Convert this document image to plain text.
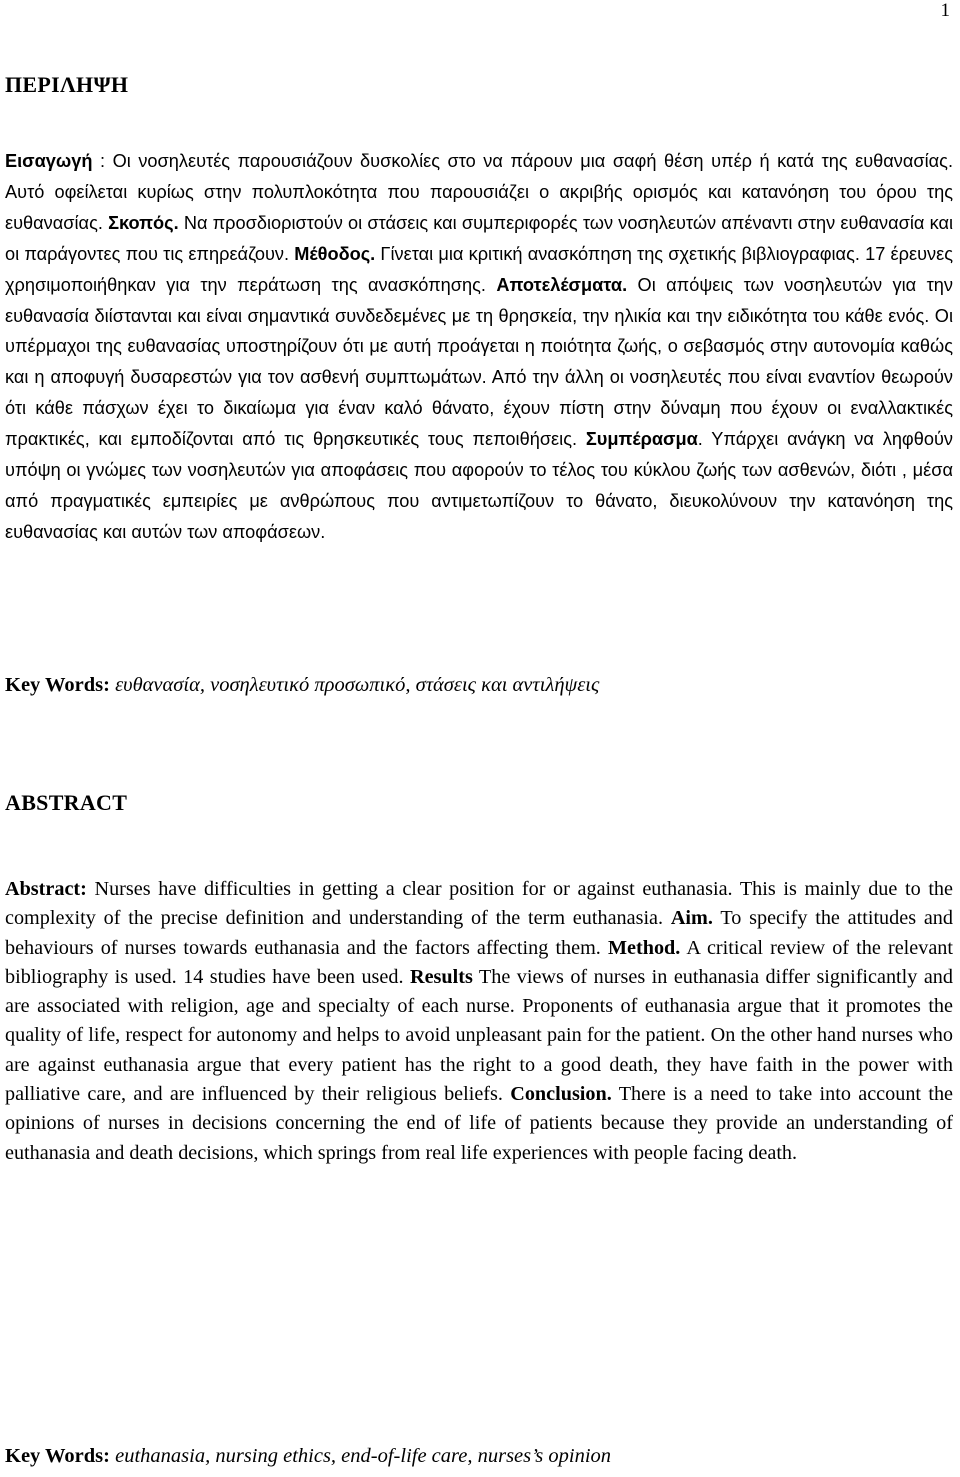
1
ΠΕΡΙΛΗΨΗ

Εισαγωγή : Οι νοσηλευτές παρουσιάζουν δυσκολίες στο να πάρουν μια σαφή θέση υπέρ ή κατά της ευθανασίας. Αυτό οφείλεται κυρίως στην πολυπλοκότητα που παρουσιάζει ο ακριβής ορισμός και κατανόηση του όρου της ευθανασίας. Σκοπός. Να προσδιοριστούν οι στάσεις και συμπεριφορές των νοσηλευτών απέναντι στην ευθανασία και οι παράγοντες που τις επηρεάζουν. Μέθοδος. Γίνεται μια κριτική ανασκόπηση της σχετικής βιβλιογραφιας. 17 έρευνες χρησιμοποιήθηκαν για την περάτωση της ανασκόπησης. Αποτελέσματα. Οι απόψεις των νοσηλευτών για την ευθανασία διίστανται και είναι σημαντικά συνδεδεμένες με τη θρησκεία, την ηλικία και την ειδικότητα του κάθε ενός. Οι υπέρμαχοι της ευθανασίας υποστηρίζουν ότι με αυτή προάγεται η ποιότητα ζωής, ο σεβασμός στην αυτονομία καθώς και η αποφυγή δυσαρεστών για τον ασθενή συμπτωμάτων. Από την άλλη οι νοσηλευτές που είναι εναντίον θεωρούν ότι κάθε πάσχων έχει το δικαίωμα για έναν καλό θάνατο, έχουν πίστη στην δύναμη που έχουν οι εναλλακτικές πρακτικές, και εμποδίζονται από τις θρησκευτικές τους πεποιθήσεις. Συμπέρασμα. Υπάρχει ανάγκη να ληφθούν υπόψη οι γνώμες των νοσηλευτών για αποφάσεις που αφορούν το τέλος του κύκλου ζωής των ασθενών, διότι , μέσα από πραγματικές εμπειρίες με ανθρώπους που αντιμετωπίζουν το θάνατο, διευκολύνουν την κατανόηση της ευθανασίας και αυτών των αποφάσεων.

Key Words: ευθανασία, νοσηλευτικό προσωπικό, στάσεις και αντιλήψεις

ABSTRACT

Abstract: Nurses have difficulties in getting a clear position for or against euthanasia. This is mainly due to the complexity of the precise definition and understanding of the term euthanasia. Aim. To specify the attitudes and behaviours of nurses towards euthanasia and the factors affecting them. Method. A critical review of the relevant bibliography is used. 14 studies have been used. Results The views of nurses in euthanasia differ significantly and are associated with religion, age and specialty of each nurse. Proponents of euthanasia argue that it promotes the quality of life, respect for autonomy and helps to avoid unpleasant pain for the patient. On the other hand nurses who are against euthanasia argue that every patient has the right to a good death, they have faith in the power with palliative care, and are influenced by their religious beliefs. Conclusion. There is a need to take into account the opinions of nurses in decisions concerning the end of life of patients because they provide an understanding of euthanasia and death decisions, which springs from real life experiences with people facing death.

Key Words: euthanasia, nursing ethics, end-of-life care, nurses’s opinion
